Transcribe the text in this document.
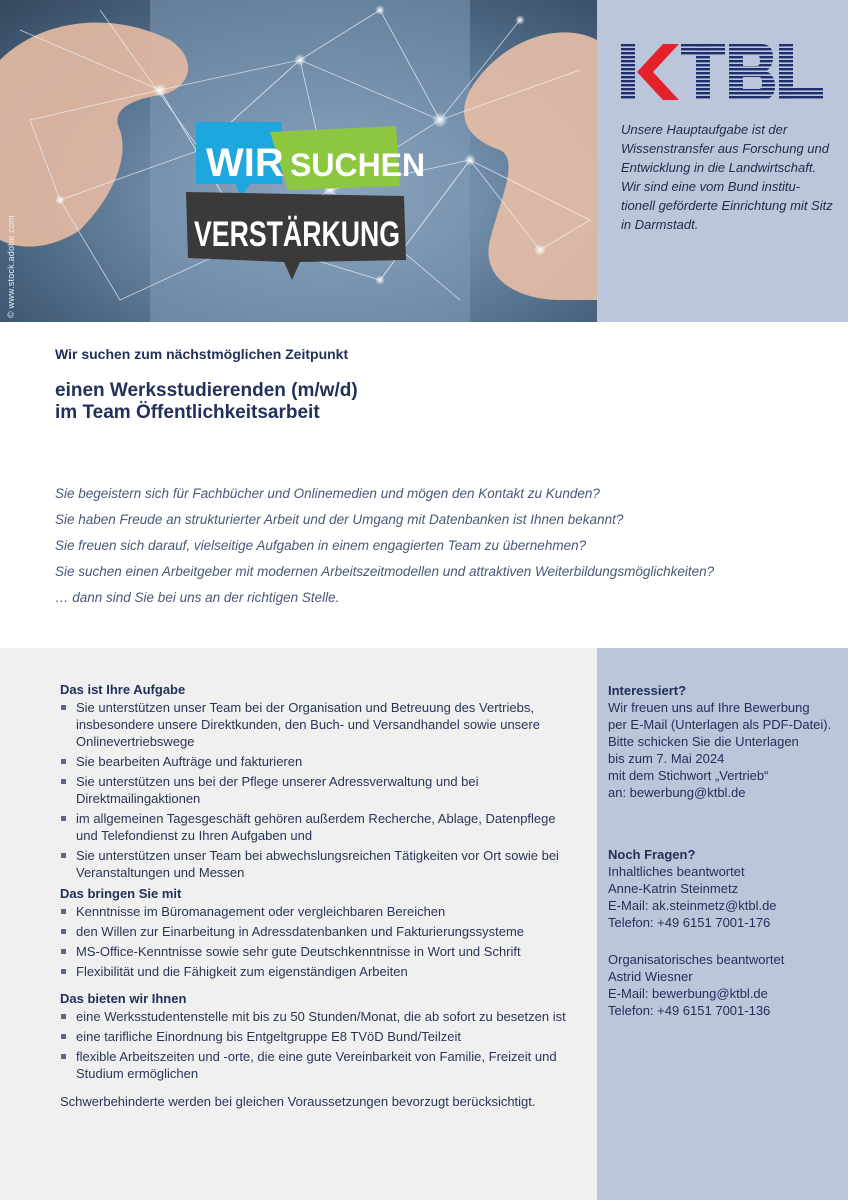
WIR SUCHEN
VERSTÄRKUNG
© www.stock.adobe.com

Unsere Hauptaufgabe ist der Wissenstransfer aus Forschung und Entwicklung in die Landwirtschaft. Wir sind eine vom Bund institu-tionell geförderte Einrichtung mit Sitz in Darmstadt.

Wir suchen zum nächstmöglichen Zeitpunkt
einen Werksstudierenden (m/w/d)
im Team Öffentlichkeitsarbeit

Sie begeistern sich für Fachbücher und Onlinemedien und mögen den Kontakt zu Kunden?

Sie haben Freude an strukturierter Arbeit und der Umgang mit Datenbanken ist Ihnen bekannt?

Sie freuen sich darauf, vielseitige Aufgaben in einem engagierten Team zu übernehmen?

Sie suchen einen Arbeitgeber mit modernen Arbeitszeitmodellen und attraktiven Weiterbildungsmöglichkeiten?

… dann sind Sie bei uns an der richtigen Stelle.

Das ist Ihre Aufgabe
Sie unterstützen unser Team bei der Organisation und Betreuung des Vertriebs, insbesondere unsere Direktkunden, den Buch- und Versandhandel sowie unsere Onlinevertriebswege
Sie bearbeiten Aufträge und fakturieren
Sie unterstützen uns bei der Pflege unserer Adressverwaltung und bei Direktmailingaktionen
im allgemeinen Tagesgeschäft gehören außerdem Recherche, Ablage, Datenpflege und Telefondienst zu Ihren Aufgaben und
Sie unterstützen unser Team bei abwechslungsreichen Tätigkeiten vor Ort sowie bei Veranstaltungen und Messen
Das bringen Sie mit
Kenntnisse im Büromanagement oder vergleichbaren Bereichen
den Willen zur Einarbeitung in Adressdatenbanken und Fakturierungssysteme
MS-Office-Kenntnisse sowie sehr gute Deutschkenntnisse in Wort und Schrift
Flexibilität und die Fähigkeit zum eigenständigen Arbeiten
Das bieten wir Ihnen
eine Werksstudentenstelle mit bis zu 50 Stunden/Monat, die ab sofort zu besetzen ist
eine tarifliche Einordnung bis Entgeltgruppe E8 TVöD Bund/Teilzeit
flexible Arbeitszeiten und -orte, die eine gute Vereinbarkeit von Familie, Freizeit und Studium ermöglichen
Schwerbehinderte werden bei gleichen Voraussetzungen bevorzugt berücksichtigt.
Interessiert?
Wir freuen uns auf Ihre Bewerbung
per E-Mail (Unterlagen als PDF-Datei).
Bitte schicken Sie die Unterlagen
bis zum 7. Mai 2024
mit dem Stichwort „Vertrieb“
an: bewerbung@ktbl.de
Noch Fragen?
Inhaltliches beantwortet
Anne-Katrin Steinmetz
E-Mail: ak.steinmetz@ktbl.de
Telefon: +49 6151 7001-176
Organisatorisches beantwortet
Astrid Wiesner
E-Mail: bewerbung@ktbl.de
Telefon: +49 6151 7001-136
